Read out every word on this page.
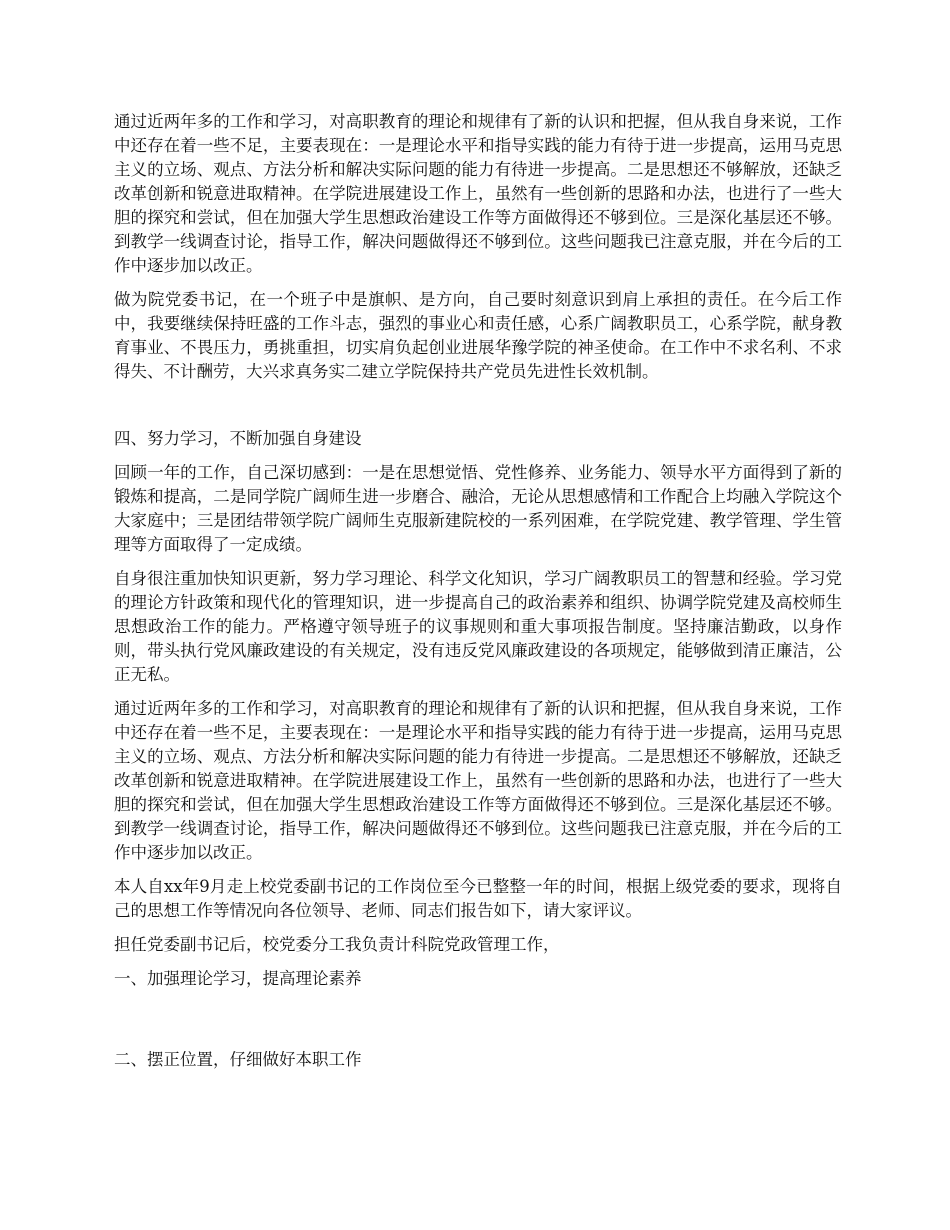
通过近两年多的工作和学习，对高职教育的理论和规律有了新的认识和把握，但从我自身来说，工作中还存在着一些不足，主要表现在：一是理论水平和指导实践的能力有待于进一步提高，运用马克思主义的立场、观点、方法分析和解决实际问题的能力有待进一步提高。二是思想还不够解放，还缺乏改革创新和锐意进取精神。在学院进展建设工作上，虽然有一些创新的思路和办法，也进行了一些大胆的探究和尝试，但在加强大学生思想政治建设工作等方面做得还不够到位。三是深化基层还不够。到教学一线调查讨论，指导工作，解决问题做得还不够到位。这些问题我已注意克服，并在今后的工作中逐步加以改正。

做为院党委书记，在一个班子中是旗帜、是方向，自己要时刻意识到肩上承担的责任。在今后工作中，我要继续保持旺盛的工作斗志，强烈的事业心和责任感，心系广阔教职员工，心系学院，献身教育事业、不畏压力，勇挑重担，切实肩负起创业进展华豫学院的神圣使命。在工作中不求名利、不求得失、不计酬劳，大兴求真务实二建立学院保持共产党员先进性长效机制。

四、努力学习，不断加强自身建设

回顾一年的工作，自己深切感到：一是在思想觉悟、党性修养、业务能力、领导水平方面得到了新的锻炼和提高，二是同学院广阔师生进一步磨合、融洽，无论从思想感情和工作配合上均融入学院这个大家庭中；三是团结带领学院广阔师生克服新建院校的一系列困难，在学院党建、教学管理、学生管理等方面取得了一定成绩。

自身很注重加快知识更新，努力学习理论、科学文化知识，学习广阔教职员工的智慧和经验。学习党的理论方针政策和现代化的管理知识，进一步提高自己的政治素养和组织、协调学院党建及高校师生思想政治工作的能力。严格遵守领导班子的议事规则和重大事项报告制度。坚持廉洁勤政，以身作则，带头执行党风廉政建设的有关规定，没有违反党风廉政建设的各项规定，能够做到清正廉洁，公正无私。

通过近两年多的工作和学习，对高职教育的理论和规律有了新的认识和把握，但从我自身来说，工作中还存在着一些不足，主要表现在：一是理论水平和指导实践的能力有待于进一步提高，运用马克思主义的立场、观点、方法分析和解决实际问题的能力有待进一步提高。二是思想还不够解放，还缺乏改革创新和锐意进取精神。在学院进展建设工作上，虽然有一些创新的思路和办法，也进行了一些大胆的探究和尝试，但在加强大学生思想政治建设工作等方面做得还不够到位。三是深化基层还不够。到教学一线调查讨论，指导工作，解决问题做得还不够到位。这些问题我已注意克服，并在今后的工作中逐步加以改正。

本人自xx年9月走上校党委副书记的工作岗位至今已整整一年的时间，根据上级党委的要求，现将自己的思想工作等情况向各位领导、老师、同志们报告如下，请大家评议。

担任党委副书记后，校党委分工我负责计科院党政管理工作，

一、加强理论学习，提高理论素养

二、摆正位置，仔细做好本职工作
